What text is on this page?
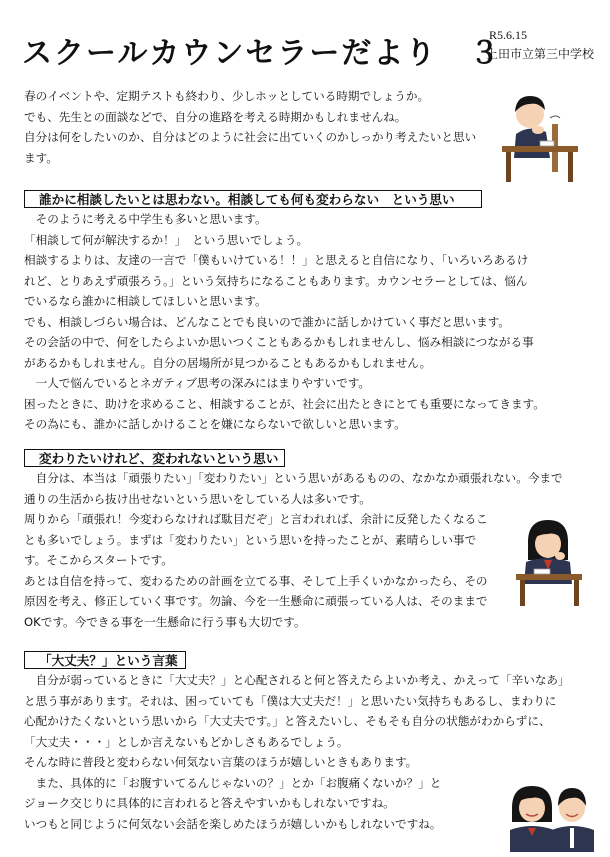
スクールカウンセラーだより　３
R5.6.15
上田市立第三中学校
春のイベントや、定期テストも終わり、少しホッとしている時期でしょうか。
でも、先生との面談などで、自分の進路を考える時期かもしれませんね。
自分は何をしたいのか、自分はどのように社会に出ていくのかしっかり考えたいと思い
ます。
誰かに相談したいとは思わない。相談しても何も変わらない　という思い
　そのように考える中学生も多いと思います。
「相談して何が解決するか！」　という思いでしょう。
相談するよりは、友達の一言で「僕もいけている！！」と思えると自信になり、「いろいろあるけ
れど、とりあえず頑張ろう。」という気持ちになることもあります。カウンセラーとしては、悩ん
でいるなら誰かに相談してほしいと思います。
でも、相談しづらい場合は、どんなことでも良いので誰かに話しかけていく事だと思います。
その会話の中で、何をしたらよいか思いつくこともあるかもしれませんし、悩み相談につながる事
があるかもしれません。自分の居場所が見つかることもあるかもしれません。
　一人で悩んでいるとネガティブ思考の深みにはまりやすいです。
困ったときに、助けを求めること、相談することが、社会に出たときにとても重要になってきます。
その為にも、誰かに話しかけることを嫌にならないで欲しいと思います。
変わりたいけれど、変われないという思い
　自分は、本当は「頑張りたい」「変わりたい」という思いがあるものの、なかなか頑張れない。今まで
通りの生活から抜け出せないという思いをしている人は多いです。
周りから「頑張れ！今変わらなければ駄目だぞ」と言われれば、余計に反発したくなるこ
とも多いでしょう。まずは「変わりたい」という思いを持ったことが、素晴らしい事で
す。そこからスタートです。
あとは自信を持って、変わるための計画を立てる事、そして上手くいかなかったら、その
原因を考え、修正していく事です。勿論、今を一生懸命に頑張っている人は、そのままで
OKです。今できる事を一生懸命に行う事も大切です。
「大丈夫？」という言葉
　自分が弱っているときに「大丈夫？」と心配されると何と答えたらよいか考え、かえって「辛いなあ」
と思う事があります。それは、困っていても「僕は大丈夫だ！」と思いたい気持ちもあるし、まわりに
心配かけたくないという思いから「大丈夫です。」と答えたいし、そもそも自分の状態がわからずに、
「大丈夫・・・」としか言えないもどかしさもあるでしょう。
そんな時に普段と変わらない何気ない言葉のほうが嬉しいときもあります。
　また、具体的に「お腹すいてるんじゃないの？」とか「お腹痛くないか？」と
ジョーク交じりに具体的に言われると答えやすいかもしれないですね。
いつもと同じように何気ない会話を楽しめたほうが嬉しいかもしれないですね。
